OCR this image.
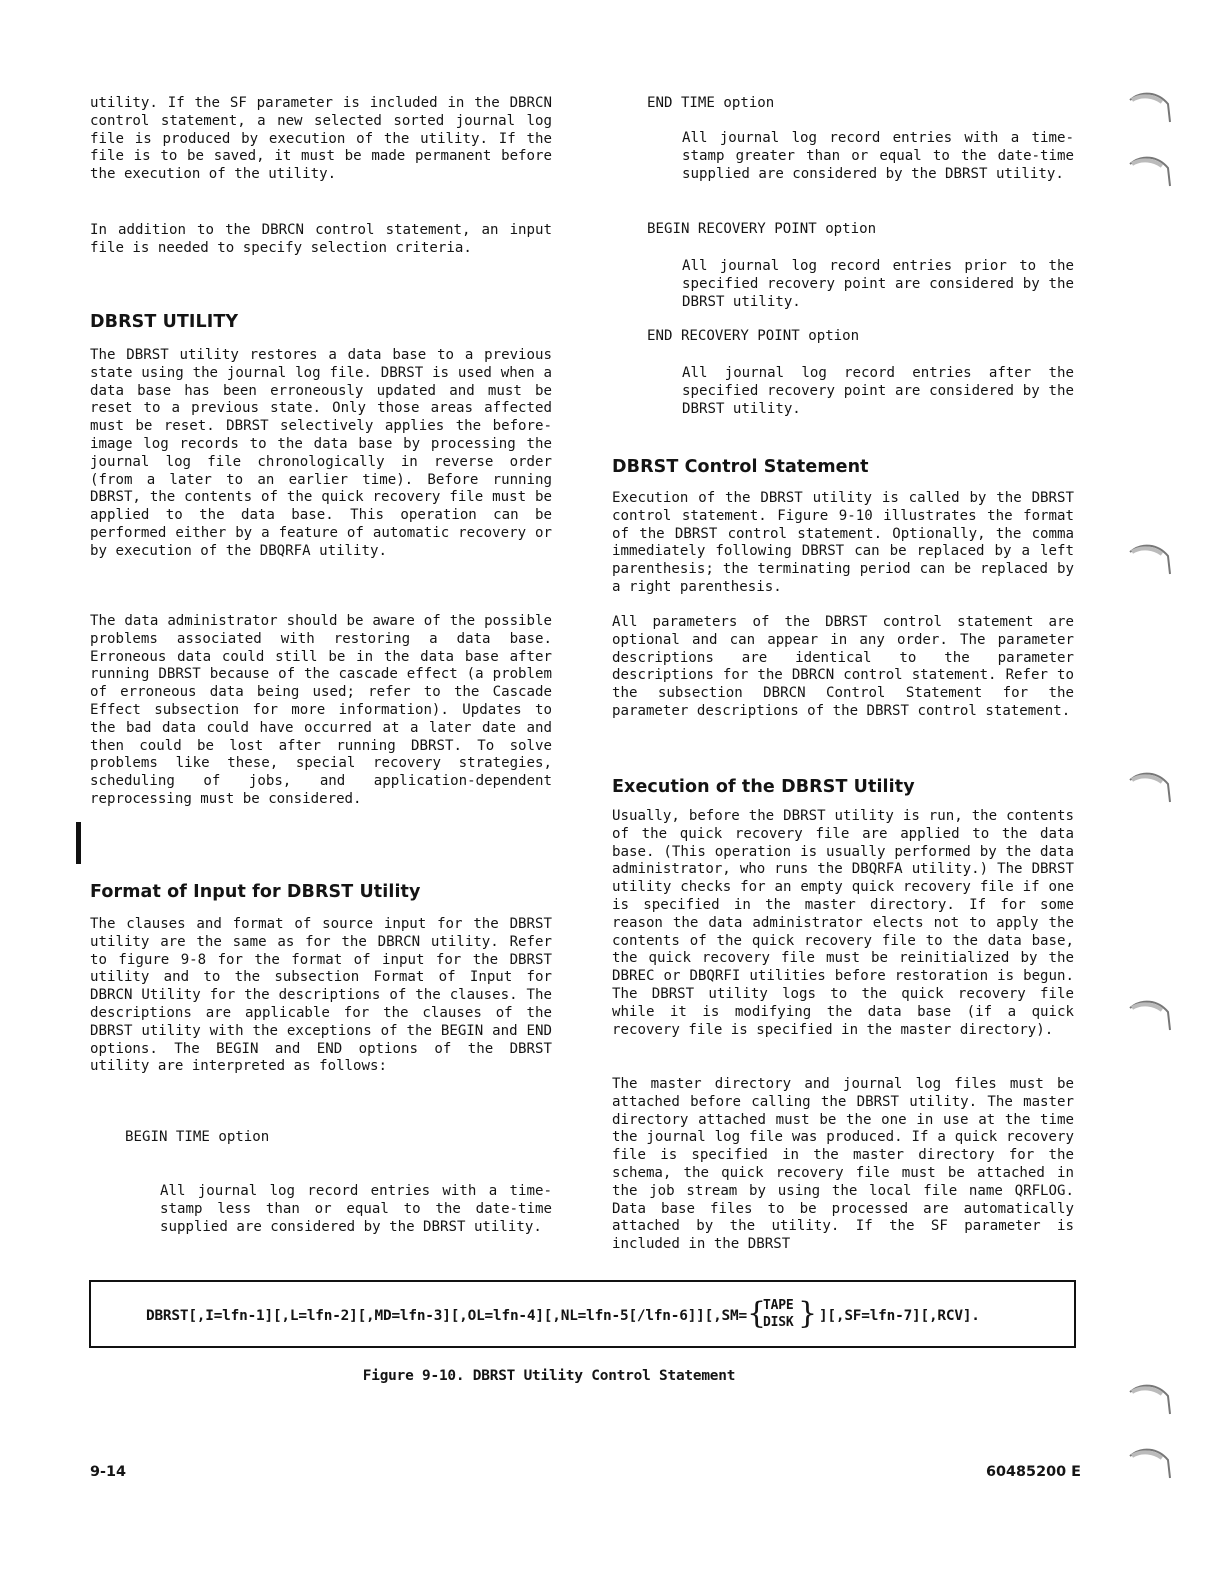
utility. If the SF parameter is included in the DBRCN control statement, a new selected sorted journal log file is produced by execution of the utility. If the file is to be saved, it must be made permanent before the execution of the utility.

In addition to the DBRCN control statement, an input file is needed to specify selection criteria.

DBRST UTILITY

The DBRST utility restores a data base to a previous state using the journal log file. DBRST is used when a data base has been erroneously updated and must be reset to a previous state. Only those areas affected must be reset. DBRST selectively applies the before-image log records to the data base by processing the journal log file chronologically in reverse order (from a later to an earlier time). Before running DBRST, the contents of the quick recovery file must be applied to the data base. This operation can be performed either by a feature of automatic recovery or by execution of the DBQRFA utility.

The data administrator should be aware of the possible problems associated with restoring a data base. Erroneous data could still be in the data base after running DBRST because of the cascade effect (a problem of erroneous data being used; refer to the Cascade Effect subsection for more information). Updates to the bad data could have occurred at a later date and then could be lost after running DBRST. To solve problems like these, special recovery strategies, scheduling of jobs, and application-dependent reprocessing must be considered.

Format of Input for DBRST Utility

The clauses and format of source input for the DBRST utility are the same as for the DBRCN utility. Refer to figure 9-8 for the format of input for the DBRST utility and to the subsection Format of Input for DBRCN Utility for the descriptions of the clauses. The descriptions are applicable for the clauses of the DBRST utility with the exceptions of the BEGIN and END options. The BEGIN and END options of the DBRST utility are interpreted as follows:

BEGIN TIME option

All journal log record entries with a time-stamp less than or equal to the date-time supplied are considered by the DBRST utility.

END TIME option

All journal log record entries with a time-stamp greater than or equal to the date-time supplied are considered by the DBRST utility.

BEGIN RECOVERY POINT option

All journal log record entries prior to the specified recovery point are considered by the DBRST utility.

END RECOVERY POINT option

All journal log record entries after the specified recovery point are considered by the DBRST utility.

DBRST Control Statement

Execution of the DBRST utility is called by the DBRST control statement. Figure 9-10 illustrates the format of the DBRST control statement. Optionally, the comma immediately following DBRST can be replaced by a left parenthesis; the terminating period can be replaced by a right parenthesis.

All parameters of the DBRST control statement are optional and can appear in any order. The parameter descriptions are identical to the parameter descriptions for the DBRCN control statement. Refer to the subsection DBRCN Control Statement for the parameter descriptions of the DBRST control statement.

Execution of the DBRST Utility

Usually, before the DBRST utility is run, the contents of the quick recovery file are applied to the data base. (This operation is usually performed by the data administrator, who runs the DBQRFA utility.) The DBRST utility checks for an empty quick recovery file if one is specified in the master directory. If for some reason the data administrator elects not to apply the contents of the quick recovery file to the data base, the quick recovery file must be reinitialized by the DBREC or DBQRFI utilities before restoration is begun. The DBRST utility logs to the quick recovery file while it is modifying the data base (if a quick recovery file is specified in the master directory).

The master directory and journal log files must be attached before calling the DBRST utility. The master directory attached must be the one in use at the time the journal log file was produced. If a quick recovery file is specified in the master directory for the schema, the quick recovery file must be attached in the job stream by using the local file name QRFLOG. Data base files to be processed are automatically attached by the utility. If the SF parameter is included in the DBRST

DBRST[,I=lfn-1][,L=lfn-2][,MD=lfn-3][,OL=lfn-4][,NL=lfn-5[/lfn-6]][,SM= {
TAPE
DISK } ][,SF=lfn-7][,RCV].
Figure 9-10. DBRST Utility Control Statement
9-14	60485200 E
